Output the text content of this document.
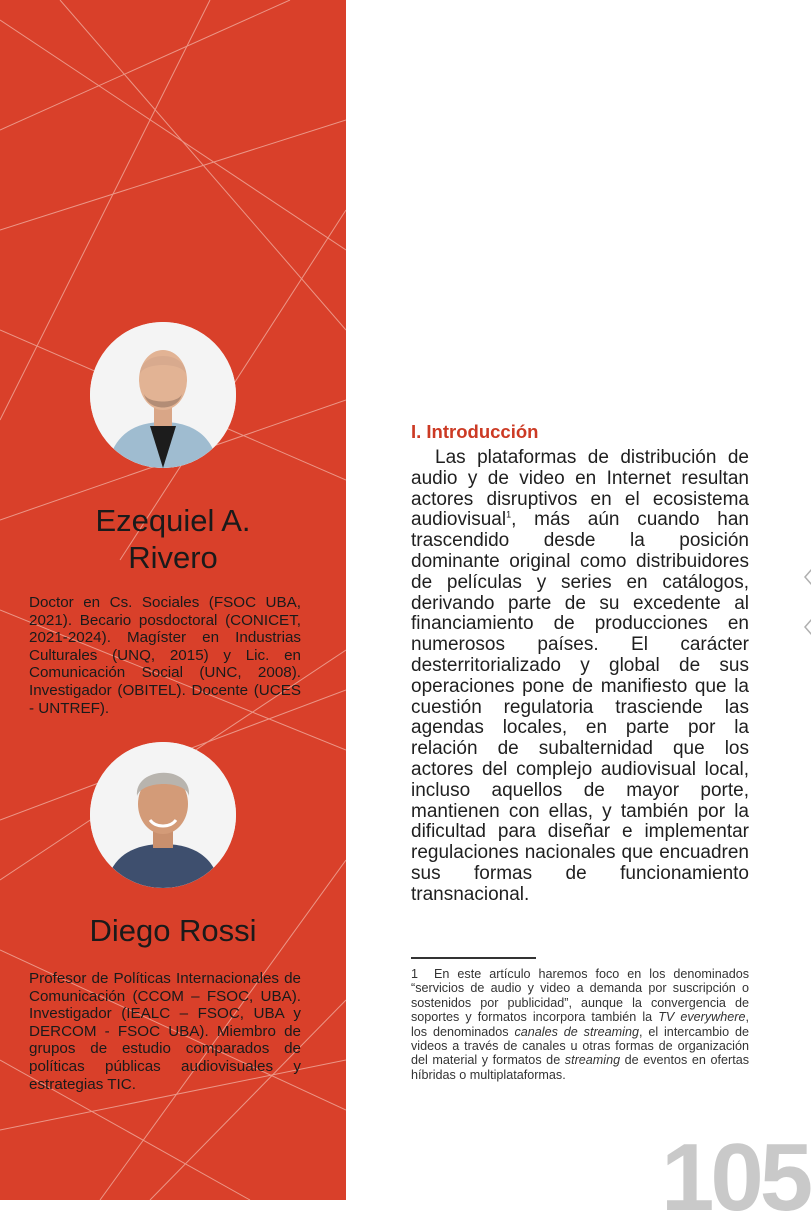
Ezequiel A.
Rivero
Doctor en Cs. Sociales (FSOC UBA, 2021). Becario posdoctoral (CONICET, 2021-2024). Magíster en Industrias Culturales (UNQ, 2015) y Lic. en Comunicación Social (UNC, 2008). Investigador (OBITEL). Docente (UCES - UNTREF).
Diego Rossi
Profesor de Políticas Internacionales de Comunicación (CCOM – FSOC, UBA). Investigador (IEALC – FSOC, UBA y DERCOM - FSOC UBA). Miembro de grupos de estudio comparados de políticas públicas audiovisuales y estrategias TIC.
I. Introducción
Las plataformas de distribución de audio y de video en Internet resultan actores disruptivos en el ecosistema audiovisual$^1$, más aún cuando han trascendido desde la posición dominante original como distribuidores de películas y series en catálogos, derivando parte de su excedente al financiamiento de producciones en numerosos países. El carácter desterritorializado y global de sus operaciones pone de manifiesto que la cuestión regulatoria trasciende las agendas locales, en parte por la relación de subalternidad que los actores del complejo audiovisual local, incluso aquellos de mayor porte, mantienen con ellas, y también por la dificultad para diseñar e implementar regulaciones nacionales que encuadren sus formas de funcionamiento transnacional.
1 En este artículo haremos foco en los denominados “servicios de audio y video a demanda por suscripción o sostenidos por publicidad”, aunque la convergencia de soportes y formatos incorpora también la TV everywhere, los denominados canales de streaming, el intercambio de videos a través de canales u otras formas de organización del material y formatos de streaming de eventos en ofertas híbridas o multiplataformas.
105
